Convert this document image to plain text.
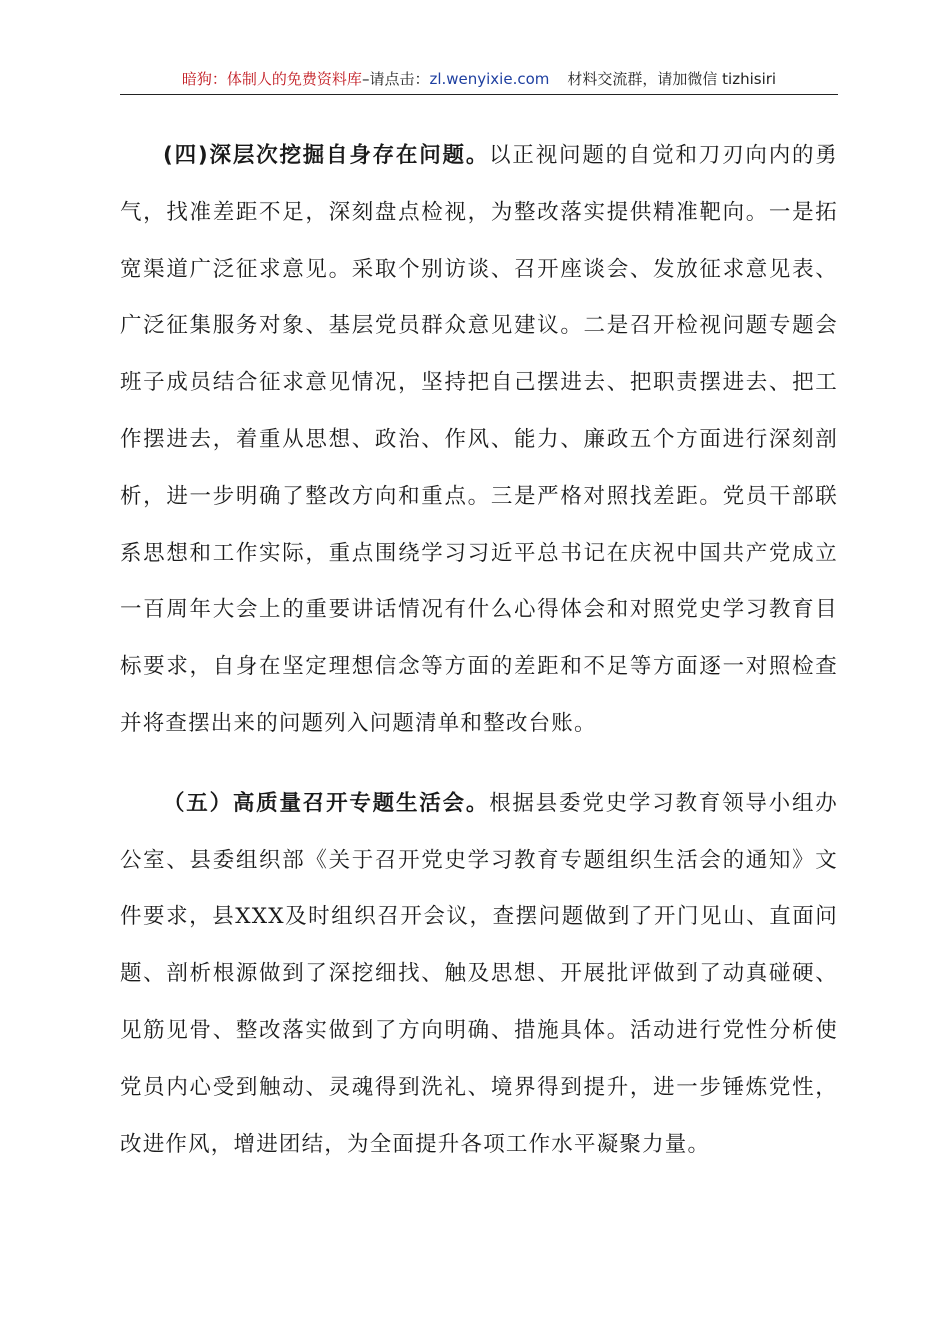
暗狗：体制人的免费资料库–请点击：zl.wenyixie.com 材料交流群，请加微信 tizhisiri

(四)深层次挖掘自身存在问题。以正视问题的自觉和刀刃向内的勇气，找准差距不足，深刻盘点检视，为整改落实提供精准靶向。一是拓宽渠道广泛征求意见。采取个别访谈、召开座谈会、发放征求意见表、广泛征集服务对象、基层党员群众意见建议。二是召开检视问题专题会班子成员结合征求意见情况，坚持把自己摆进去、把职责摆进去、把工作摆进去，着重从思想、政治、作风、能力、廉政五个方面进行深刻剖析，进一步明确了整改方向和重点。三是严格对照找差距。党员干部联系思想和工作实际，重点围绕学习习近平总书记在庆祝中国共产党成立一百周年大会上的重要讲话情况有什么心得体会和对照党史学习教育目标要求，自身在坚定理想信念等方面的差距和不足等方面逐一对照检查并将查摆出来的问题列入问题清单和整改台账。

（五）高质量召开专题生活会。根据县委党史学习教育领导小组办公室、县委组织部《关于召开党史学习教育专题组织生活会的通知》文件要求，县XXX及时组织召开会议，查摆问题做到了开门见山、直面问题、剖析根源做到了深挖细找、触及思想、开展批评做到了动真碰硬、见筋见骨、整改落实做到了方向明确、措施具体。活动进行党性分析使党员内心受到触动、灵魂得到洗礼、境界得到提升，进一步锤炼党性，改进作风，增进团结，为全面提升各项工作水平凝聚力量。
